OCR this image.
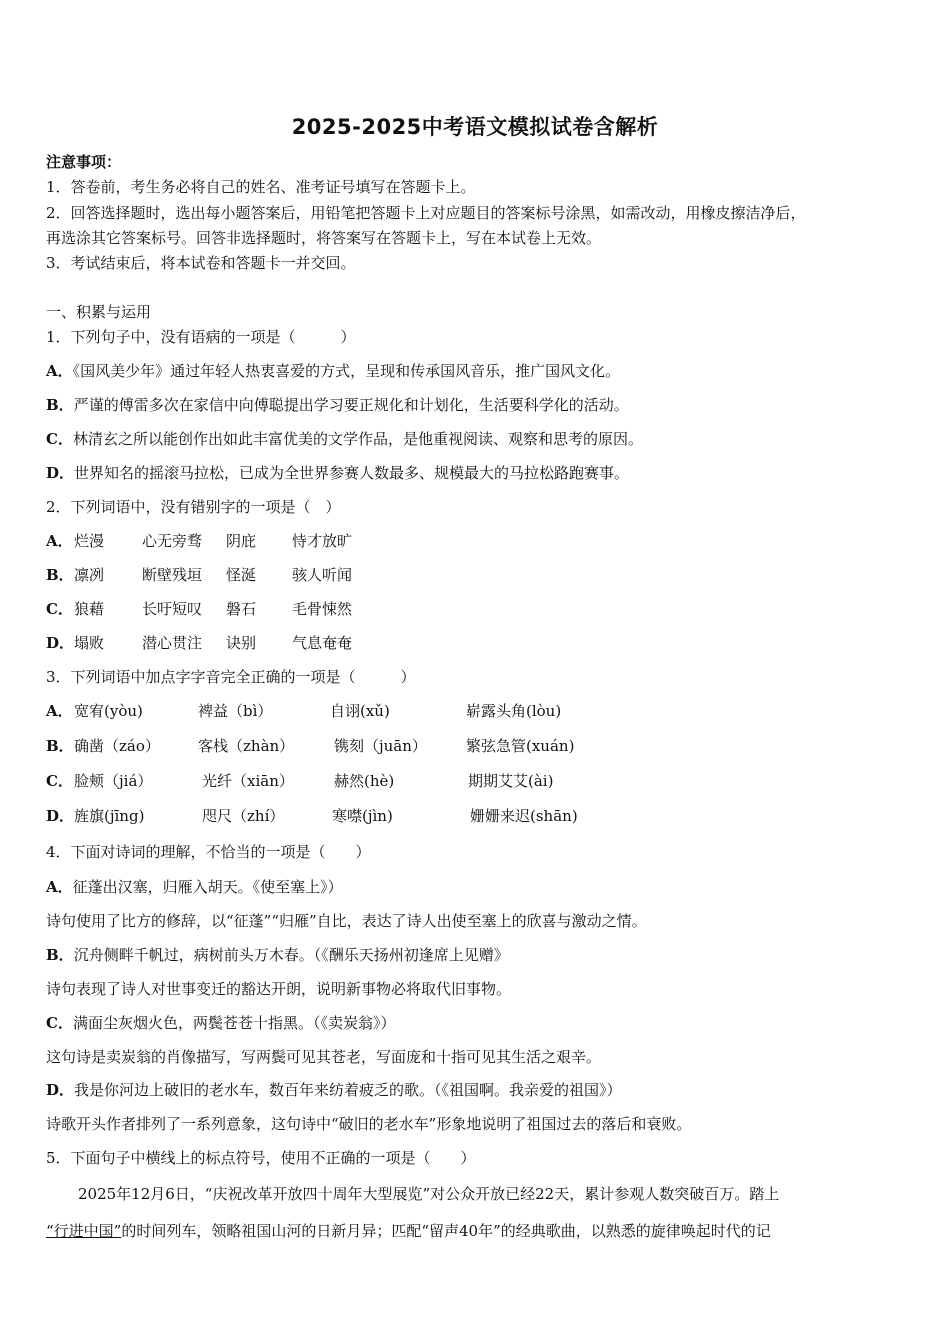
2025-2025中考语文模拟试卷含解析
注意事项：
1．答卷前，考生务必将自己的姓名、准考证号填写在答题卡上。
2．回答选择题时，选出每小题答案后，用铅笔把答题卡上对应题目的答案标号涂黑，如需改动，用橡皮擦洁净后，
再选涂其它答案标号。回答非选择题时，将答案写在答题卡上，写在本试卷上无效。
3．考试结束后，将本试卷和答题卡一并交回。
一、积累与运用
1．下列句子中，没有语病的一项是（　　　）
A．《国风美少年》通过年轻人热衷喜爱的方式，呈现和传承国风音乐，推广国风文化。
B．严谨的傅雷多次在家信中向傅聪提出学习要正规化和计划化，生活要科学化的活动。
C．林清玄之所以能创作出如此丰富优美的文学作品，是他重视阅读、观察和思考的原因。
D．世界知名的摇滚马拉松，已成为全世界参赛人数最多、规模最大的马拉松路跑赛事。
2．下列词语中，没有错别字的一项是（　）
A．烂漫	心无旁骛 阴庇 恃才放旷
B．凛冽	断壁残垣 怪涎 骇人听闻
C．狼藉	长吁短叹 磐石 毛骨悚然
D．塌败	潜心贯注 诀别 气息奄奄
3．下列词语中加点字字音完全正确的一项是（　　　）
A．宽宥(yòu)	裨益（bì）	自诩(xǔ)	崭露头角(lòu)
B．确凿（záo）	客栈（zhàn）	镌刻（juān）	繁弦急管(xuán)
C．脸颊（jiá）	光纤（xiān）	赫然(hè)	期期艾艾(ài)
D．旌旗(jīng)	咫尺（zhí）	寒噤(jìn)	姗姗来迟(shān)
4．下面对诗词的理解，不恰当的一项是（　　）
A．征蓬出汉塞，归雁入胡天。《使至塞上》）
诗句使用了比方的修辞，以“征蓬”“归雁”自比，表达了诗人出使至塞上的欣喜与激动之情。
B．沉舟侧畔千帆过，病树前头万木春。（《酬乐天扬州初逢席上见赠》
诗句表现了诗人对世事变迁的豁达开朗，说明新事物必将取代旧事物。
C．满面尘灰烟火色，两鬓苍苍十指黑。（《卖炭翁》）
这句诗是卖炭翁的肖像描写，写两鬓可见其苍老，写面庞和十指可见其生活之艰辛。
D．我是你河边上破旧的老水车，数百年来纺着疲乏的歌。（《祖国啊。我亲爱的祖国》）
诗歌开头作者排列了一系列意象，这句诗中“破旧的老水车”形象地说明了祖国过去的落后和衰败。
5．下面句子中横线上的标点符号，使用不正确的一项是（　　）
2025年12月6日，“庆祝改革开放四十周年大型展览”对公众开放已经22天，累计参观人数突破百万。踏上
“行进中国”的时间列车，领略祖国山河的日新月异；匹配“留声40年”的经典歌曲，以熟悉的旋律唤起时代的记
